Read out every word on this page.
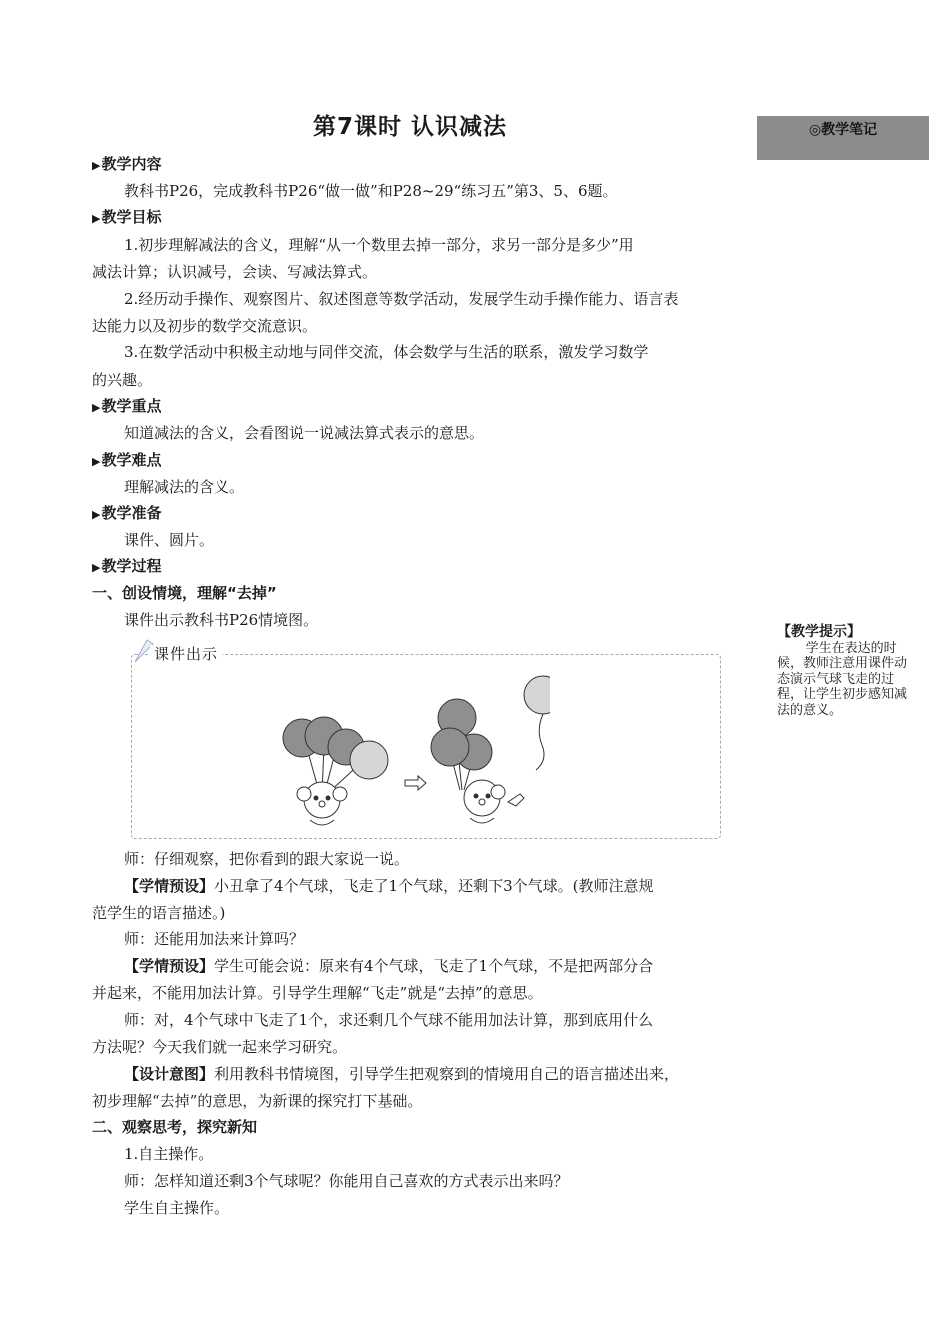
第7课时 认识减法	◎教学笔记
【教学提示】
学生在表达的时候，教师注意用课件动态演示气球飞走的过程，让学生初步感知减法的意义。
▶教学内容
教科书P26，完成教科书P26“做一做”和P28~29“练习五”第3、5、6题。
▶教学目标
1.初步理解减法的含义，理解“从一个数里去掉一部分，求另一部分是多少”用
减法计算；认识减号，会读、写减法算式。
2.经历动手操作、观察图片、叙述图意等数学活动，发展学生动手操作能力、语言表
达能力以及初步的数学交流意识。
3.在数学活动中积极主动地与同伴交流，体会数学与生活的联系，激发学习数学
的兴趣。
▶教学重点
知道减法的含义，会看图说一说减法算式表示的意思。
▶教学难点
理解减法的含义。
▶教学准备
课件、圆片。
▶教学过程
一、创设情境，理解“去掉”
课件出示教科书P26情境图。
师：仔细观察，把你看到的跟大家说一说。
【学情预设】小丑拿了4个气球，飞走了1个气球，还剩下3个气球。(教师注意规
范学生的语言描述。)
师：还能用加法来计算吗？
【学情预设】学生可能会说：原来有4个气球，飞走了1个气球，不是把两部分合
并起来，不能用加法计算。引导学生理解“飞走”就是“去掉”的意思。
师：对，4个气球中飞走了1个，求还剩几个气球不能用加法计算，那到底用什么
方法呢？今天我们就一起来学习研究。
【设计意图】利用教科书情境图，引导学生把观察到的情境用自己的语言描述出来，
初步理解“去掉”的意思，为新课的探究打下基础。
二、观察思考，探究新知
1.自主操作。
师：怎样知道还剩3个气球呢？你能用自己喜欢的方式表示出来吗？
学生自主操作。
课件出示
